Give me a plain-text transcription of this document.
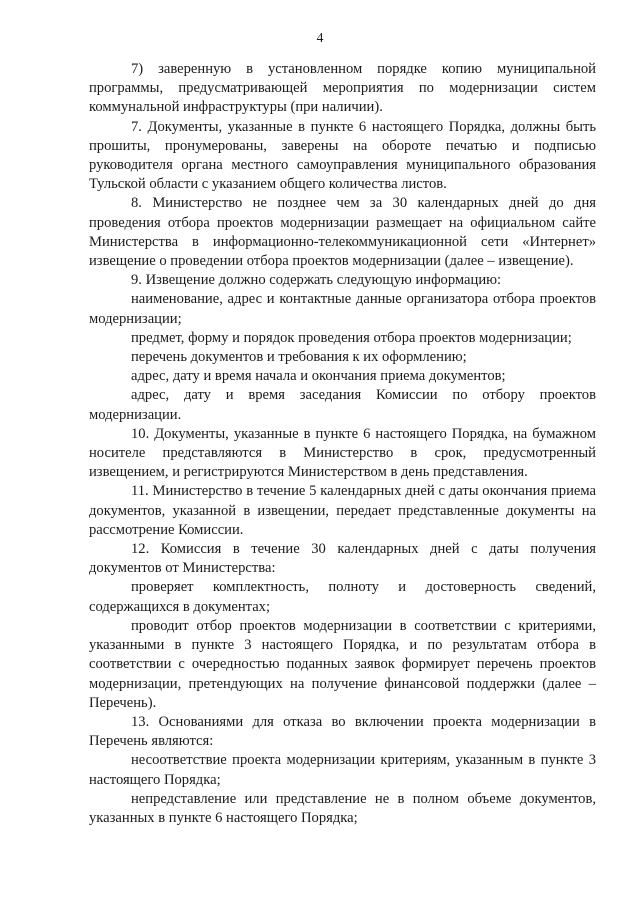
4

7) заверенную в установленном порядке копию муниципальной программы, предусматривающей мероприятия по модернизации систем коммунальной инфраструктуры (при наличии).

7. Документы, указанные в пункте 6 настоящего Порядка, должны быть прошиты, пронумерованы, заверены на обороте печатью и подписью руководителя органа местного самоуправления муниципального образования Тульской области с указанием общего количества листов.

8. Министерство не позднее чем за 30 календарных дней до дня проведения отбора проектов модернизации размещает на официальном сайте Министерства в информационно-телекоммуникационной сети «Интернет» извещение о проведении отбора проектов модернизации (далее – извещение).

9. Извещение должно содержать следующую информацию:

наименование, адрес и контактные данные организатора отбора проектов модернизации;

предмет, форму и порядок проведения отбора проектов модернизации;

перечень документов и требования к их оформлению;

адрес, дату и время начала и окончания приема документов;

адрес, дату и время заседания Комиссии по отбору проектов модернизации.

10. Документы, указанные в пункте 6 настоящего Порядка, на бумажном носителе представляются в Министерство в срок, предусмотренный извещением, и регистрируются Министерством в день представления.

11. Министерство в течение 5 календарных дней с даты окончания приема документов, указанной в извещении, передает представленные документы на рассмотрение Комиссии.

12. Комиссия в течение 30 календарных дней с даты получения документов от Министерства:

проверяет комплектность, полноту и достоверность сведений, содержащихся в документах;

проводит отбор проектов модернизации в соответствии с критериями, указанными в пункте 3 настоящего Порядка, и по результатам отбора в соответствии с очередностью поданных заявок формирует перечень проектов модернизации, претендующих на получение финансовой поддержки (далее – Перечень).

13. Основаниями для отказа во включении проекта модернизации в Перечень являются:

несоответствие проекта модернизации критериям, указанным в пункте 3 настоящего Порядка;

непредставление или представление не в полном объеме документов, указанных в пункте 6 настоящего Порядка;
